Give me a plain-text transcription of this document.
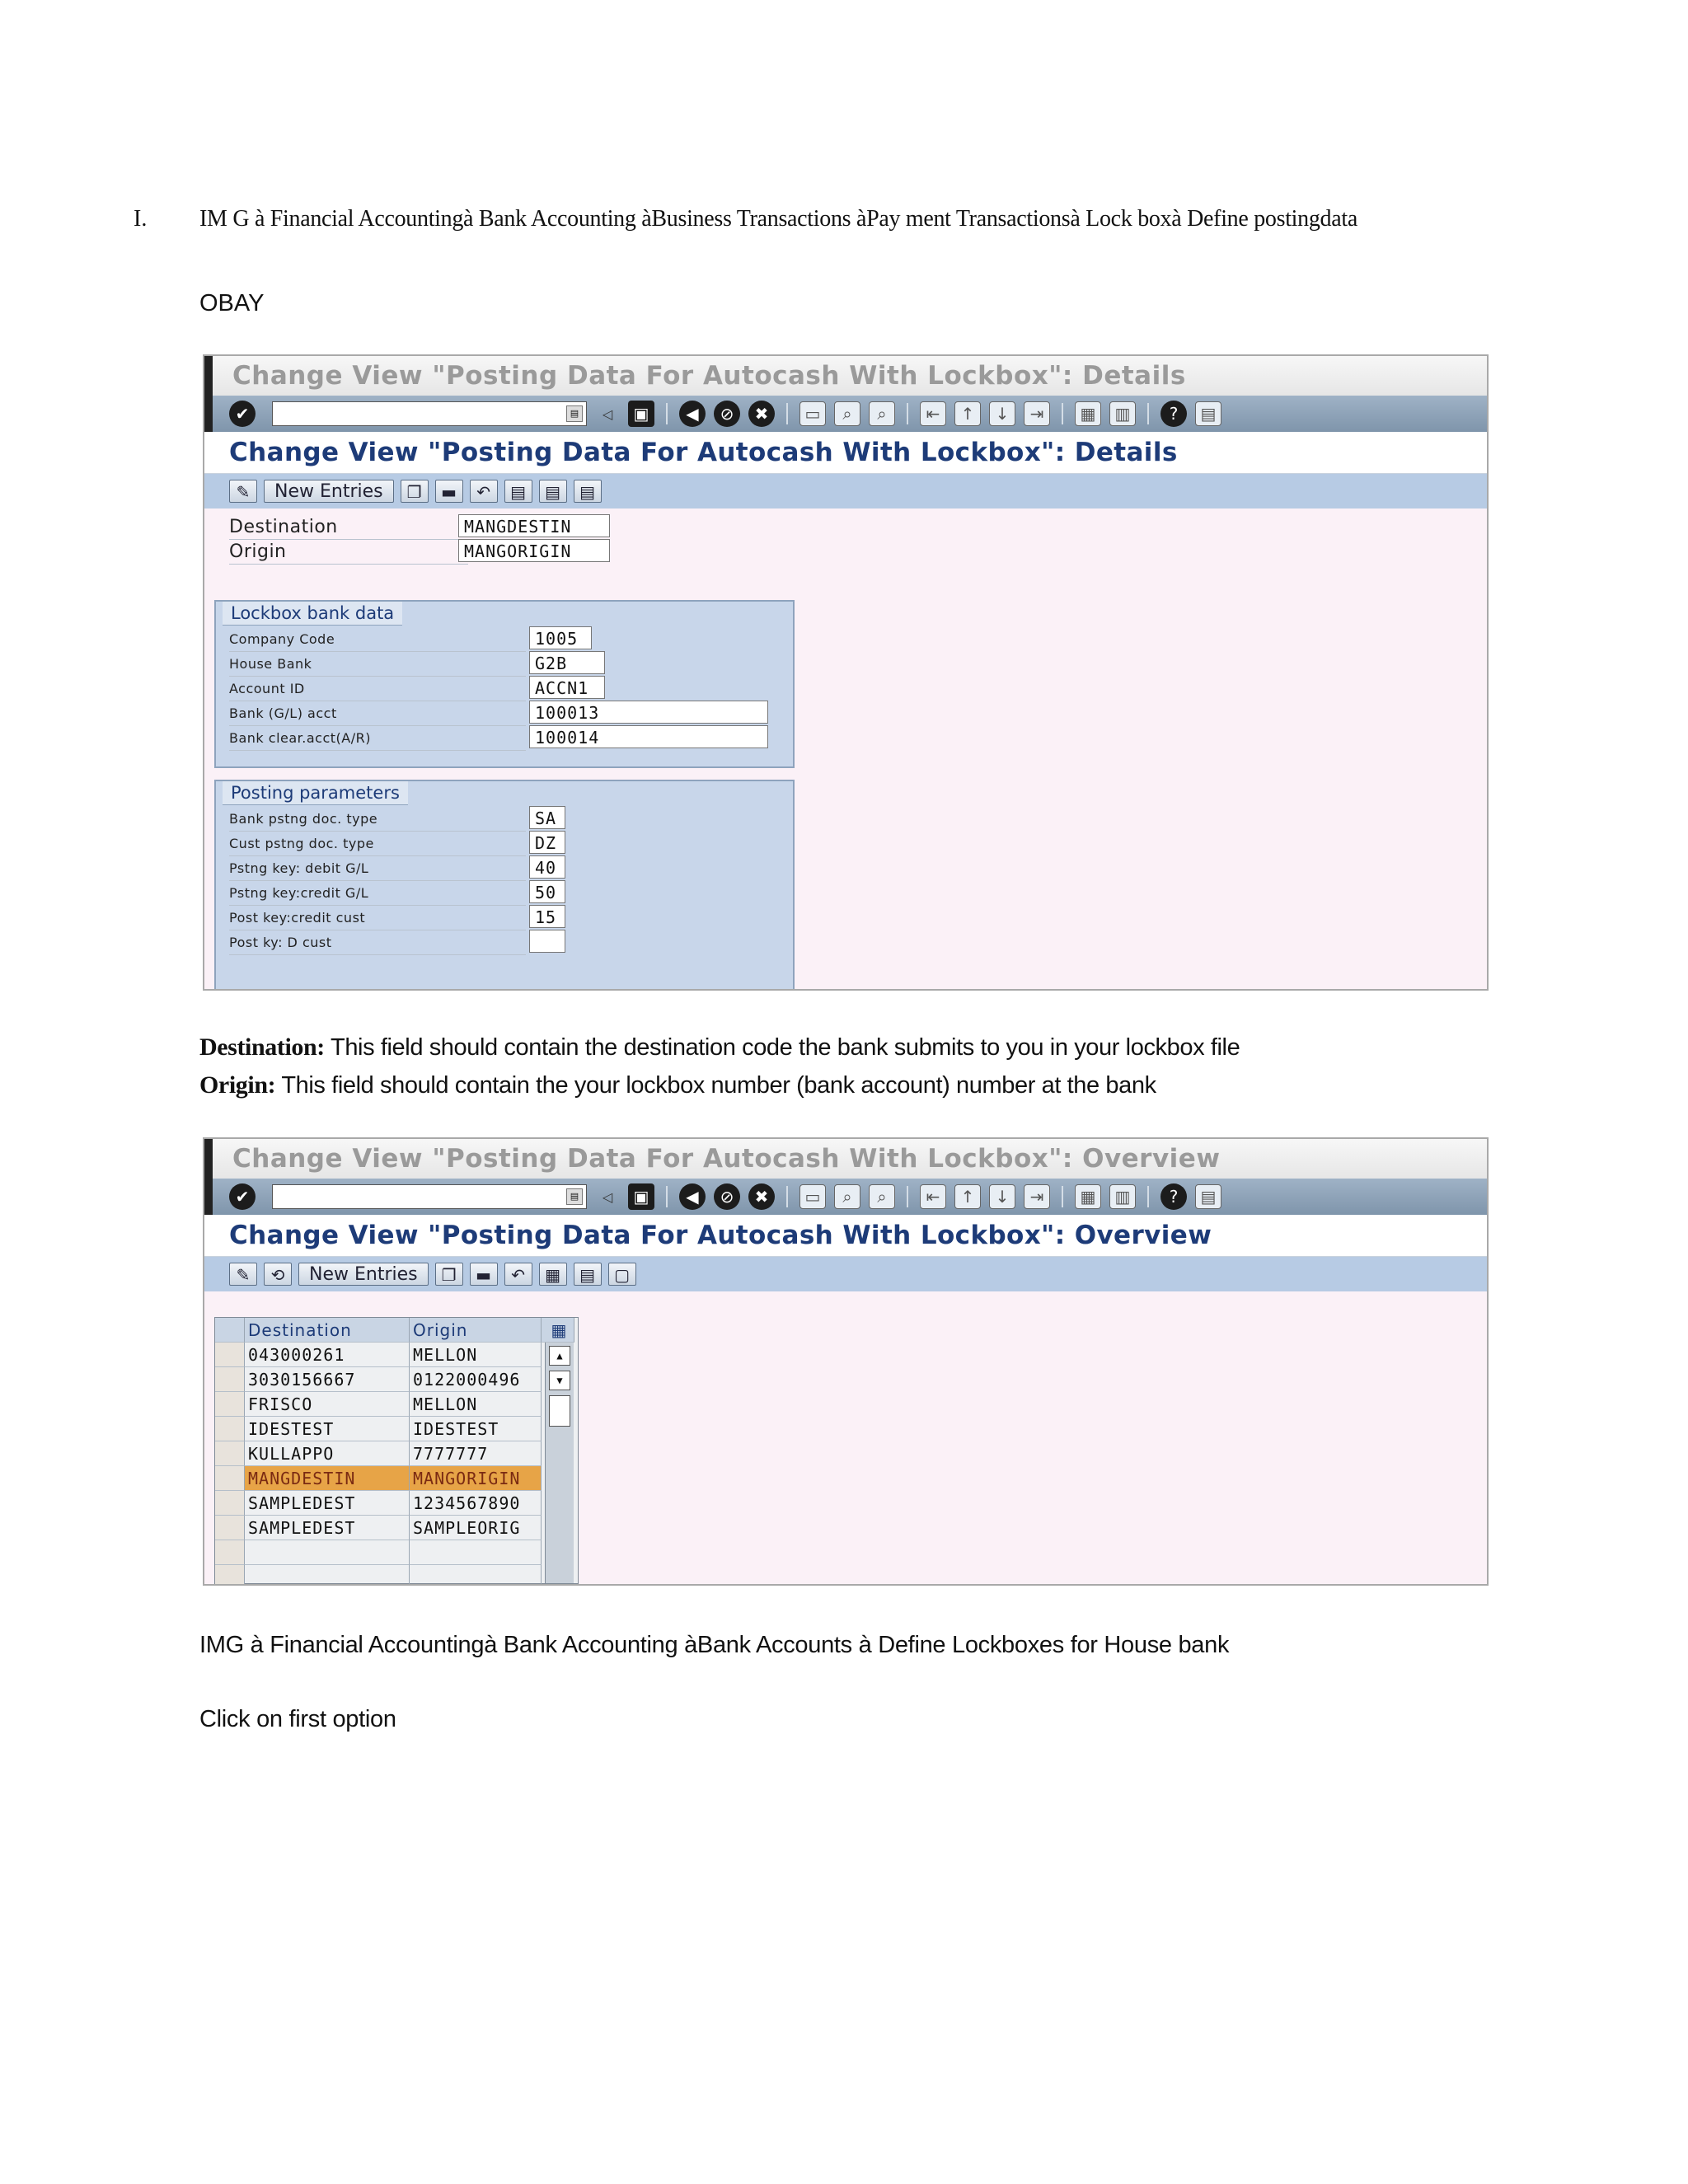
I. IM G à Financial Accountingà Bank Accounting àBusiness Transactions àPay ment Transactionsà Lock boxà Define postingdata
OBAY
Change View "Posting Data For Autocash With Lockbox": Details
✔	▤	◁	▣	◀	⊘	✖	▭	⌕	⌕	⇤	↑	↓	⇥	▦	▥	?	▤
Change View "Posting Data For Autocash With Lockbox": Details
✎	New Entries	❐	▬	↶	▤	▤	▤
Destination	MANGDESTIN
Origin	MANGORIGIN
Lockbox bank data
Company Code	1005
House Bank	G2B
Account ID	ACCN1
Bank (G/L) acct	100013
Bank clear.acct(A/R)	100014
Posting parameters
Bank pstng doc. type	SA
Cust pstng doc. type	DZ
Pstng key: debit G/L	40
Pstng key:credit G/L	50
Post key:credit cust	15
Post ky: D cust
Destination: This field should contain the destination code the bank submits to you in your lockbox file
Origin: This field should contain the your lockbox number (bank account) number at the bank
Change View "Posting Data For Autocash With Lockbox": Overview
✔	▤	◁	▣	◀	⊘	✖	▭	⌕	⌕	⇤	↑	↓	⇥	▦	▥	?	▤
Change View "Posting Data For Autocash With Lockbox": Overview
✎	⟲	New Entries	❐	▬	↶	▦	▤	▢
Destination	Origin	▦
043000261	MELLON
3030156667	0122000496
FRISCO	MELLON
IDESTEST	IDESTEST
KULLAPPO	7777777
MANGDESTIN	MANGORIGIN
SAMPLEDEST	1234567890
SAMPLEDEST	SAMPLEORIG
▲
▼
IMG à Financial Accountingà Bank Accounting àBank Accounts à Define Lockboxes for House bank
Click on first option
